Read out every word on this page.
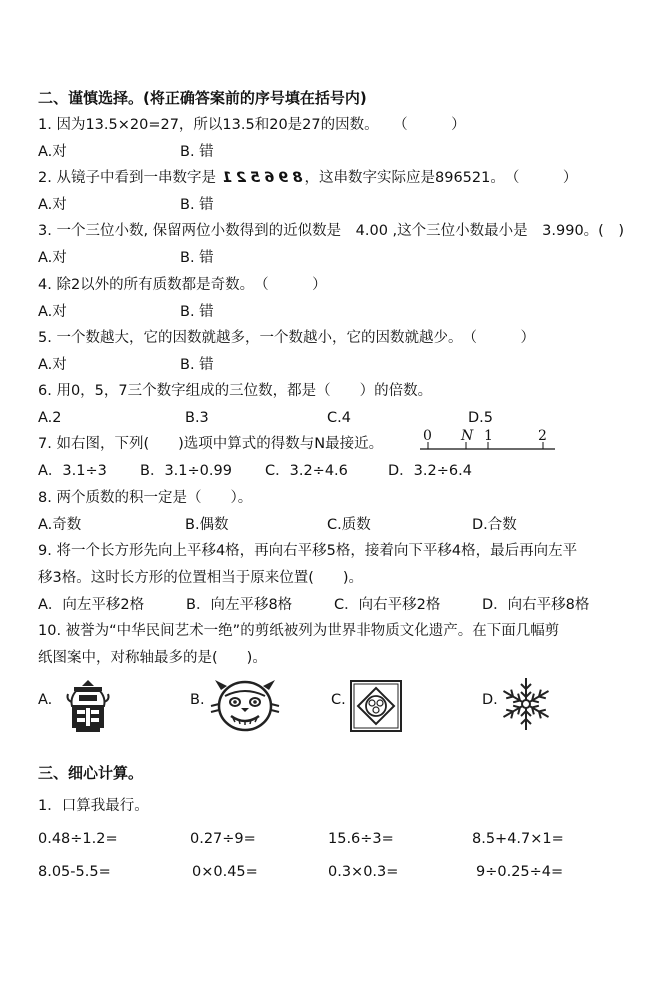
二、谨慎选择。(将正确答案前的序号填在括号内)
1. 因为13.5×20=27，所以13.5和20是27的因数。　　（　　　）
A.对	B. 错
2. 从镜子中看到一串数字是 896521 ，这串数字实际应是896521。　（　　　）
A.对	B. 错
3. 一个三位小数, 保留两位小数得到的近似数是　4.00 ,这个三位小数最小是　3.990。(　)
A.对	B. 错
4. 除2以外的所有质数都是奇数。　（　　　）
A.对	B. 错
5. 一个数越大，它的因数就越多，一个数越小，它的因数就越少。　（　　　）
A.对	B. 错
6. 用0，5，7三个数字组成的三位数，都是（　　）的倍数。
A.2	B.3	C.4	D.5
7. 如右图，下列(　　)选项中算式的得数与N最接近。	0 N 1	2
A．3.1÷3 B．3.1÷0.99 C．3.2÷4.6	D．3.2÷6.4
8. 两个质数的积一定是（　　）。
A.奇数	B.偶数	C.质数	D.合数
9. 将一个长方形先向上平移4格，再向右平移5格，接着向下平移4格，最后再向左平
移3格。这时长方形的位置相当于原来位置(　　)。
A．向左平移2格	B．向左平移8格	C．向右平移2格	D．向右平移8格
10. 被誉为“中华民间艺术一绝”的剪纸被列为世界非物质文化遗产。在下面几幅剪
纸图案中，对称轴最多的是(　　)。
A.	B.	C.	D.
三、细心计算。
1．口算我最行。
0.48÷1.2=	0.27÷9=	15.6÷3=	8.5+4.7×1=
8.05-5.5=	0×0.45=	0.3×0.3=	9÷0.25÷4=
